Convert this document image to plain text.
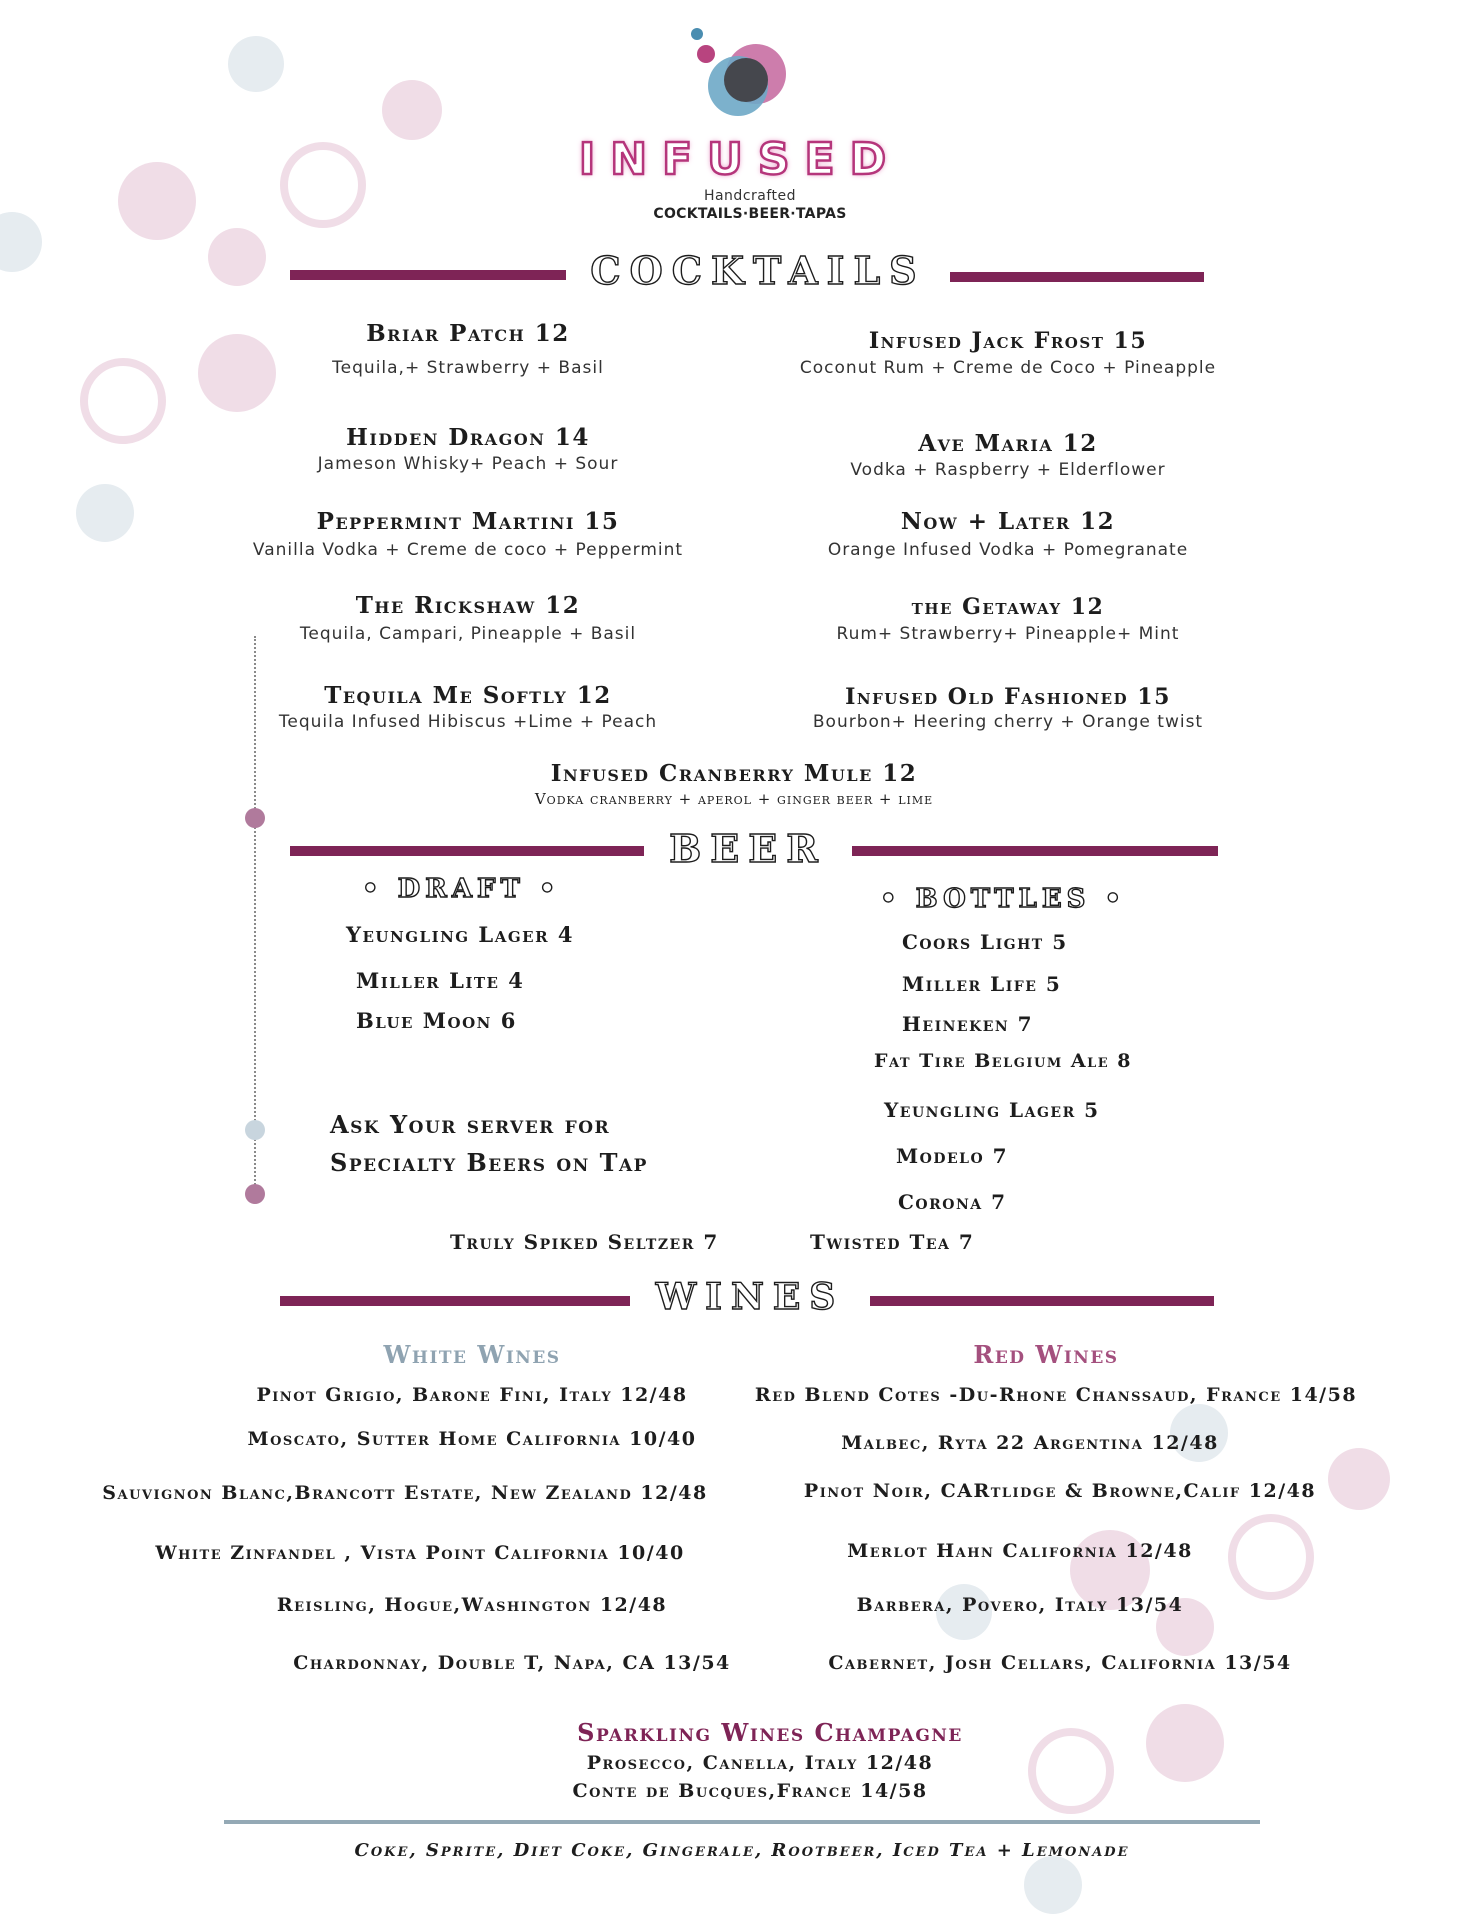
INFUSED
Handcrafted
COCKTAILS·BEER·TAPAS
COCKTAILS
Briar Patch 12
Tequila,+ Strawberry + Basil
Hidden Dragon 14
Jameson Whisky+ Peach + Sour
Peppermint Martini 15
Vanilla Vodka + Creme de coco + Peppermint
The Rickshaw 12
Tequila, Campari, Pineapple + Basil
Tequila Me Softly 12
Tequila Infused Hibiscus +Lime + Peach
Infused Jack Frost 15
Coconut Rum + Creme de Coco + Pineapple
Ave Maria 12
Vodka + Raspberry + Elderflower
Now + Later 12
Orange Infused Vodka + Pomegranate
the Getaway 12
Rum+ Strawberry+ Pineapple+ Mint
Infused Old Fashioned 15
Bourbon+ Heering cherry + Orange twist
Infused Cranberry Mule 12
Vodka cranberry + aperol + ginger beer + lime
BEER
• DRAFT •
Yeungling Lager 4
Miller Lite 4
Blue Moon 6
Ask Your server for
Specialty Beers on Tap
• BOTTLES •
Coors Light 5
Miller Life 5
Heineken 7
Fat Tire Belgium Ale 8
Yeungling Lager 5
Modelo 7
Corona 7
Truly Spiked Seltzer 7	Twisted Tea 7
WINES
White Wines
Pinot Grigio, Barone Fini, Italy 12/48
Moscato, Sutter Home California 10/40
Sauvignon Blanc,Brancott Estate, New Zealand 12/48
White Zinfandel , Vista Point California 10/40
Reisling, Hogue,Washington 12/48
Chardonnay, Double T, Napa, CA 13/54
Red Wines
Red Blend Cotes -Du-Rhone Chanssaud, France 14/58
Malbec, Ryta 22 Argentina 12/48
Pinot Noir, CARtlidge & Browne,Calif 12/48
Merlot Hahn California 12/48
Barbera, Povero, Italy 13/54
Cabernet, Josh Cellars, California 13/54
Sparkling Wines Champagne
Prosecco, Canella, Italy 12/48
Conte de Bucques,France 14/58
Coke, Sprite, Diet Coke, Gingerale, Rootbeer, Iced Tea + Lemonade
